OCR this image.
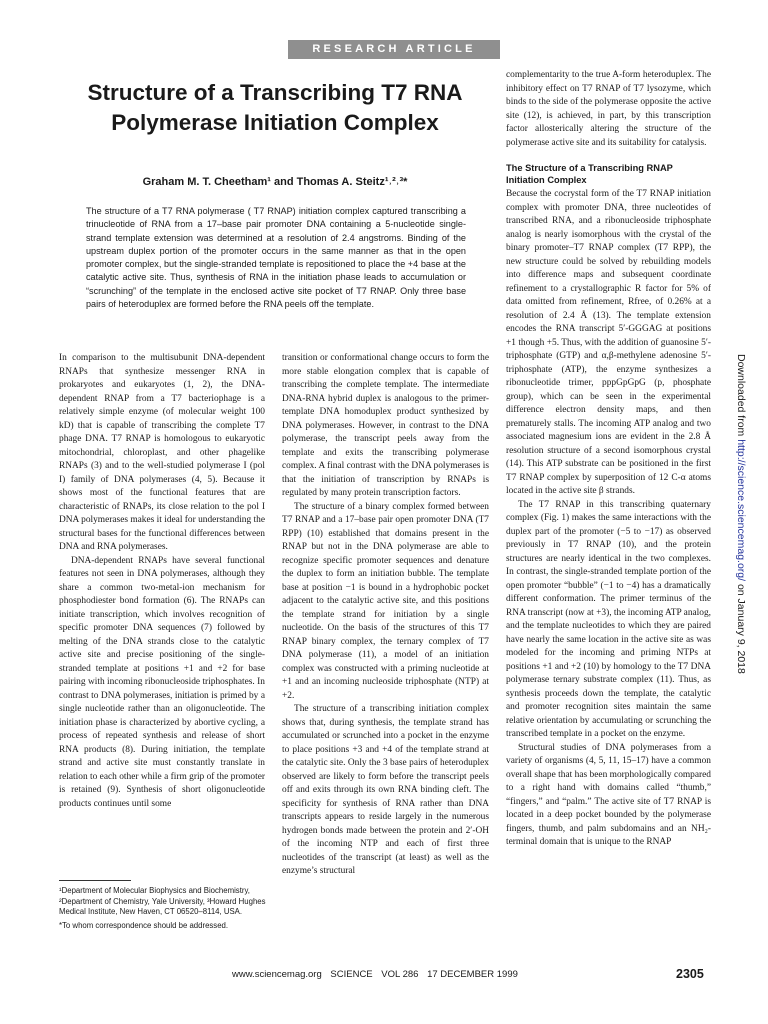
RESEARCH ARTICLE
Structure of a Transcribing T7 RNA Polymerase Initiation Complex
Graham M. T. Cheetham¹ and Thomas A. Steitz¹˒²˒³*

The structure of a T7 RNA polymerase ( T7 RNAP) initiation complex captured transcribing a trinucleotide of RNA from a 17–base pair promoter DNA containing a 5-nucleotide single-strand template extension was determined at a resolution of 2.4 angstroms. Binding of the upstream duplex portion of the promoter occurs in the same manner as that in the open promoter complex, but the single-stranded template is repositioned to place the +4 base at the catalytic active site. Thus, synthesis of RNA in the initiation phase leads to accumulation or “scrunching” of the template in the enclosed active site pocket of T7 RNAP. Only three base pairs of heteroduplex are formed before the RNA peels off the template.

In comparison to the multisubunit DNA-dependent RNAPs that synthesize messenger RNA in prokaryotes and eukaryotes (1, 2), the DNA-dependent RNAP from a T7 bacteriophage is a relatively simple enzyme (of molecular weight 100 kD) that is capable of transcribing the complete T7 phage DNA. T7 RNAP is homologous to eukaryotic mitochondrial, chloroplast, and other phagelike RNAPs (3) and to the well-studied polymerase I (pol I) family of DNA polymerases (4, 5). Because it shows most of the functional features that are characteristic of RNAPs, its close relation to the pol I DNA polymerases makes it ideal for understanding the structural bases for the functional differences between DNA and RNA polymerases.

DNA-dependent RNAPs have several functional features not seen in DNA polymerases, although they share a common two-metal-ion mechanism for phosphodiester bond formation (6). The RNAPs can initiate transcription, which involves recognition of specific promoter DNA sequences (7) followed by melting of the DNA strands close to the catalytic active site and precise positioning of the single-stranded template at positions +1 and +2 for base pairing with incoming ribonucleoside triphosphates. In contrast to DNA polymerases, initiation is primed by a single nucleotide rather than an oligonucleotide. The initiation phase is characterized by abortive cycling, a process of repeated synthesis and release of short RNA products (8). During initiation, the template strand and active site must constantly translate in relation to each other while a firm grip of the promoter is retained (9). Synthesis of short oligonucleotide products continues until some

¹Department of Molecular Biophysics and Biochemistry, ²Department of Chemistry, Yale University, ³Howard Hughes Medical Institute, New Haven, CT 06520–8114, USA.

*To whom correspondence should be addressed.

transition or conformational change occurs to form the more stable elongation complex that is capable of transcribing the complete template. The intermediate DNA-RNA hybrid duplex is analogous to the primer-template DNA homoduplex product synthesized by DNA polymerases. However, in contrast to the DNA polymerase, the transcript peels away from the template and exits the transcribing polymerase complex. A final contrast with the DNA polymerases is that the initiation of transcription by RNAPs is regulated by many protein transcription factors.

The structure of a binary complex formed between T7 RNAP and a 17–base pair open promoter DNA (T7 RPP) (10) established that domains present in the RNAP but not in the DNA polymerase are able to recognize specific promoter sequences and denature the duplex to form an initiation bubble. The template base at position −1 is bound in a hydrophobic pocket adjacent to the catalytic active site, and this positions the template strand for initiation by a single nucleotide. On the basis of the structures of this T7 RNAP binary complex, the ternary complex of T7 DNA polymerase (11), a model of an initiation complex was constructed with a priming nucleotide at +1 and an incoming nucleoside triphosphate (NTP) at +2.

The structure of a transcribing initiation complex shows that, during synthesis, the template strand has accumulated or scrunched into a pocket in the enzyme to place positions +3 and +4 of the template strand at the catalytic site. Only the 3 base pairs of heteroduplex observed are likely to form before the transcript peels off and exits through its own RNA binding cleft. The specificity for synthesis of RNA rather than DNA transcripts appears to reside largely in the numerous hydrogen bonds made between the protein and 2′-OH of the incoming NTP and each of first three nucleotides of the transcript (at least) as well as the enzyme’s structural

complementarity to the true A-form heteroduplex. The inhibitory effect on T7 RNAP of T7 lysozyme, which binds to the side of the polymerase opposite the active site (12), is achieved, in part, by this transcription factor allosterically altering the structure of the polymerase active site and its suitability for catalysis.

The Structure of a Transcribing RNAP Initiation Complex

Because the cocrystal form of the T7 RNAP initiation complex with promoter DNA, three nucleotides of transcribed RNA, and a ribonucleoside triphosphate analog is nearly isomorphous with the crystal of the binary promoter–T7 RNAP complex (T7 RPP), the new structure could be solved by rebuilding models into difference maps and subsequent coordinate refinement to a crystallographic R factor for 5% of data omitted from refinement, Rfree, of 0.26% at a resolution of 2.4 Å (13). The template extension encodes the RNA transcript 5′-GGGAG at positions +1 though +5. Thus, with the addition of guanosine 5′-triphosphate (GTP) and α,β-methylene adenosine 5′-triphosphate (ATP), the enzyme synthesizes a ribonucleotide trimer, pppGpGpG (p, phosphate group), which can be seen in the experimental difference electron density maps, and then prematurely stalls. The incoming ATP analog and two associated magnesium ions are evident in the 2.8 Å resolution structure of a second isomorphous crystal (14). This ATP substrate can be positioned in the first T7 RNAP complex by superposition of 12 C-α atoms located in the active site β strands.

The T7 RNAP in this transcribing quaternary complex (Fig. 1) makes the same interactions with the duplex part of the promoter (−5 to −17) as observed previously in T7 RNAP (10), and the protein structures are nearly identical in the two complexes. In contrast, the single-stranded template portion of the open promoter “bubble” (−1 to −4) has a dramatically different conformation. The primer terminus of the RNA transcript (now at +3), the incoming ATP analog, and the template nucleotides to which they are paired have nearly the same location in the active site as was modeled for the incoming and priming NTPs at positions +1 and +2 (10) by homology to the T7 DNA polymerase ternary substrate complex (11). Thus, as synthesis proceeds down the template, the catalytic and promoter recognition sites maintain the same relative orientation by accumulating or scrunching the transcribed template in a pocket on the enzyme.

Structural studies of DNA polymerases from a variety of organisms (4, 5, 11, 15–17) have a common overall shape that has been morphologically compared to a right hand with domains called “thumb,” “fingers,” and “palm.” The active site of T7 RNAP is located in a deep pocket bounded by the polymerase fingers, thumb, and palm subdomains and an NH₂-terminal domain that is unique to the RNAP

Downloaded from http://science.sciencemag.org/ on January 9, 2018
www.sciencemag.org SCIENCE VOL 286 17 DECEMBER 1999	2305
